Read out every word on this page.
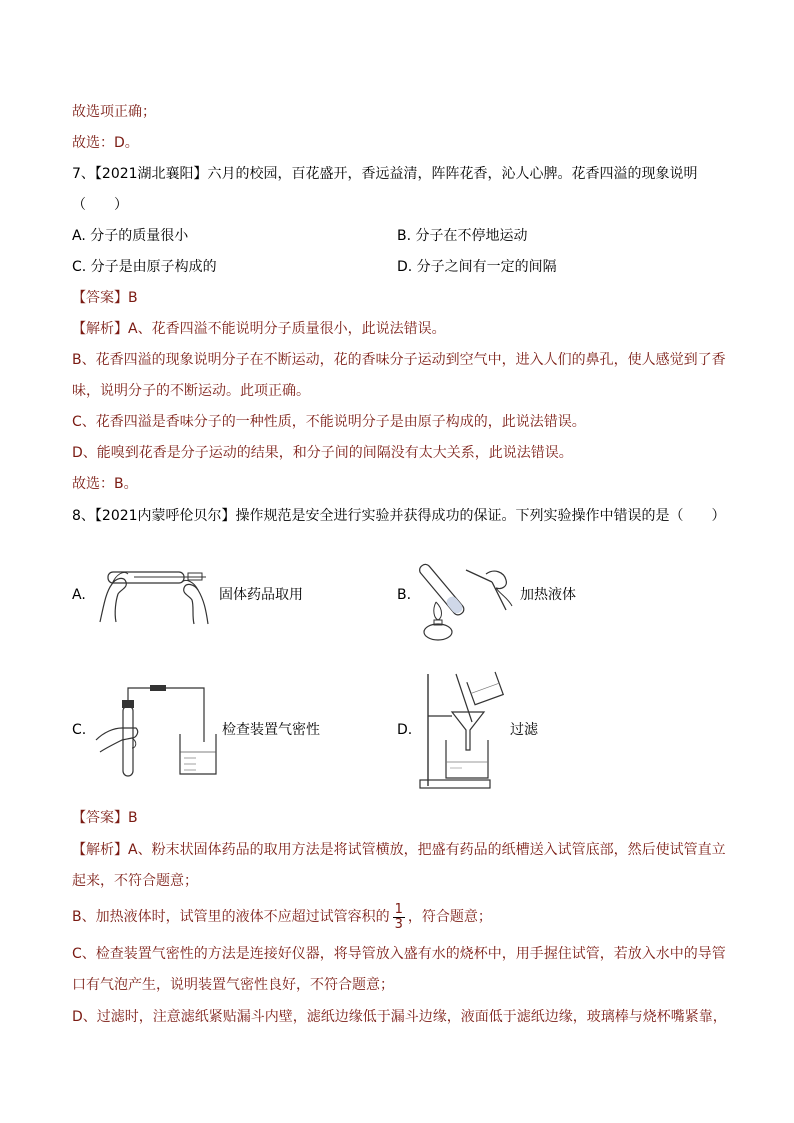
故选项正确；
故选：D。
7、【2021湖北襄阳】六月的校园，百花盛开，香远益清，阵阵花香，沁人心脾。花香四溢的现象说明
（　　）
A. 分子的质量很小	B. 分子在不停地运动
C. 分子是由原子构成的	D. 分子之间有一定的间隔
【答案】B
【解析】A、花香四溢不能说明分子质量很小，此说法错误。
B、花香四溢的现象说明分子在不断运动，花的香味分子运动到空气中，进入人们的鼻孔，使人感觉到了香
味，说明分子的不断运动。此项正确。
C、花香四溢是香味分子的一种性质，不能说明分子是由原子构成的，此说法错误。
D、能嗅到花香是分子运动的结果，和分子间的间隔没有太大关系，此说法错误。
故选：B。
8、【2021内蒙呼伦贝尔】操作规范是安全进行实验并获得成功的保证。下列实验操作中错误的是（　　）
A.	固体药品取用	B.	加热液体
C.	检查装置气密性	D.	过滤
【答案】B
【解析】A、粉末状固体药品的取用方法是将试管横放，把盛有药品的纸槽送入试管底部，然后使试管直立
起来，不符合题意；
B、加热液体时，试管里的液体不应超过试管容积的 $\frac{1}{3}$ ，符合题意；
C、检查装置气密性的方法是连接好仪器，将导管放入盛有水的烧杯中，用手握住试管，若放入水中的导管
口有气泡产生，说明装置气密性良好，不符合题意；
D、过滤时，注意滤纸紧贴漏斗内壁，滤纸边缘低于漏斗边缘，液面低于滤纸边缘，玻璃棒与烧杯嘴紧靠，
